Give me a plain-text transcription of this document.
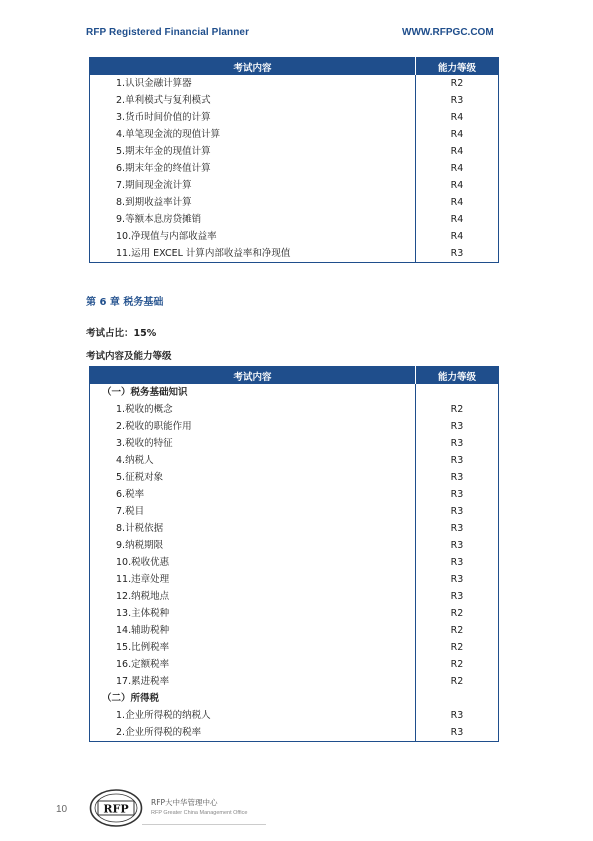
RFP Registered Financial Planner	WWW.RFPGC.COM
考试内容	能力等级
1.认识金融计算器	R2
2.单利模式与复利模式	R3
3.货币时间价值的计算	R4
4.单笔现金流的现值计算	R4
5.期末年金的现值计算	R4
6.期末年金的终值计算	R4
7.期间现金流计算	R4
8.到期收益率计算	R4
9.等额本息房贷摊销	R4
10.净现值与内部收益率	R4
11.运用 EXCEL 计算内部收益率和净现值	R3
第 6 章 税务基础
考试占比：15%
考试内容及能力等级
考试内容	能力等级
（一）税务基础知识	
1.税收的概念	R2
2.税收的职能作用	R3
3.税收的特征	R3
4.纳税人	R3
5.征税对象	R3
6.税率	R3
7.税目	R3
8.计税依据	R3
9.纳税期限	R3
10.税收优惠	R3
11.违章处理	R3
12.纳税地点	R3
13.主体税种	R2
14.辅助税种	R2
15.比例税率	R2
16.定额税率	R2
17.累进税率	R2
（二）所得税	
1.企业所得税的纳税人	R3
2.企业所得税的税率	R3
10	RFP	RFP大中华管理中心
RFP Greater China Management Office
